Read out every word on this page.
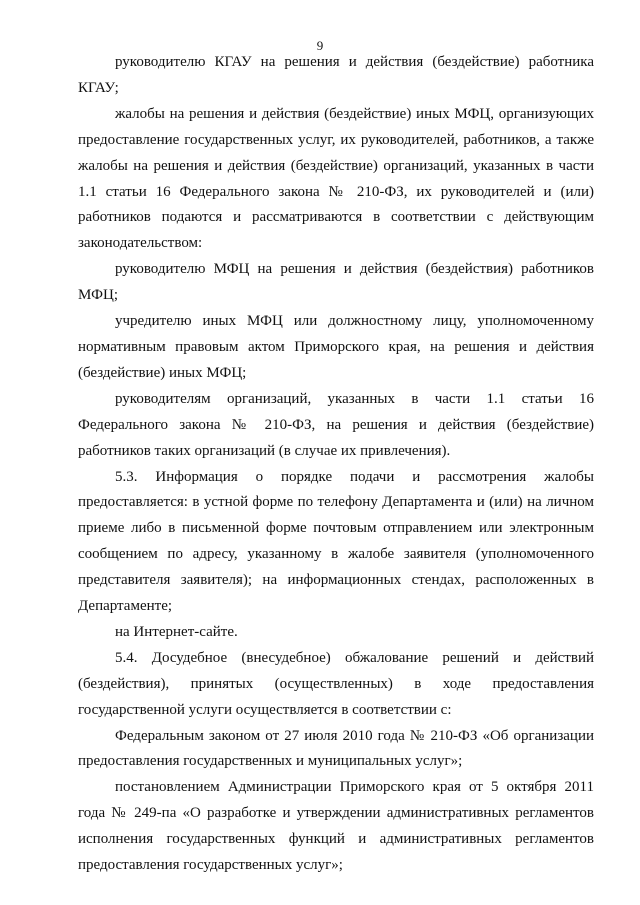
9

руководителю КГАУ на решения и действия (бездействие) работника КГАУ;

жалобы на решения и действия (бездействие) иных МФЦ, организующих предоставление государственных услуг, их руководителей, работников, а также жалобы на решения и действия (бездействие) организаций, указанных в части 1.1 статьи 16 Федерального закона № 210-ФЗ, их руководителей и (или) работников подаются и рассматриваются в соответствии с действующим законодательством:

руководителю МФЦ на решения и действия (бездействия) работников МФЦ;

учредителю иных МФЦ или должностному лицу, уполномоченному нормативным правовым актом Приморского края, на решения и действия (бездействие) иных МФЦ;

руководителям организаций, указанных в части 1.1 статьи 16 Федерального закона № 210-ФЗ, на решения и действия (бездействие) работников таких организаций (в случае их привлечения).

5.3. Информация о порядке подачи и рассмотрения жалобы предоставляется: в устной форме по телефону Департамента и (или) на личном приеме либо в письменной форме почтовым отправлением или электронным сообщением по адресу, указанному в жалобе заявителя (уполномоченного представителя заявителя); на информационных стендах, расположенных в Департаменте;

на Интернет-сайте.

5.4. Досудебное (внесудебное) обжалование решений и действий (бездействия), принятых (осуществленных) в ходе предоставления государственной услуги осуществляется в соответствии с:

Федеральным законом от 27 июля 2010 года № 210-ФЗ «Об организации предоставления государственных и муниципальных услуг»;

постановлением Администрации Приморского края от 5 октября 2011 года № 249-па «О разработке и утверждении административных регламентов исполнения государственных функций и административных регламентов предоставления государственных услуг»;
